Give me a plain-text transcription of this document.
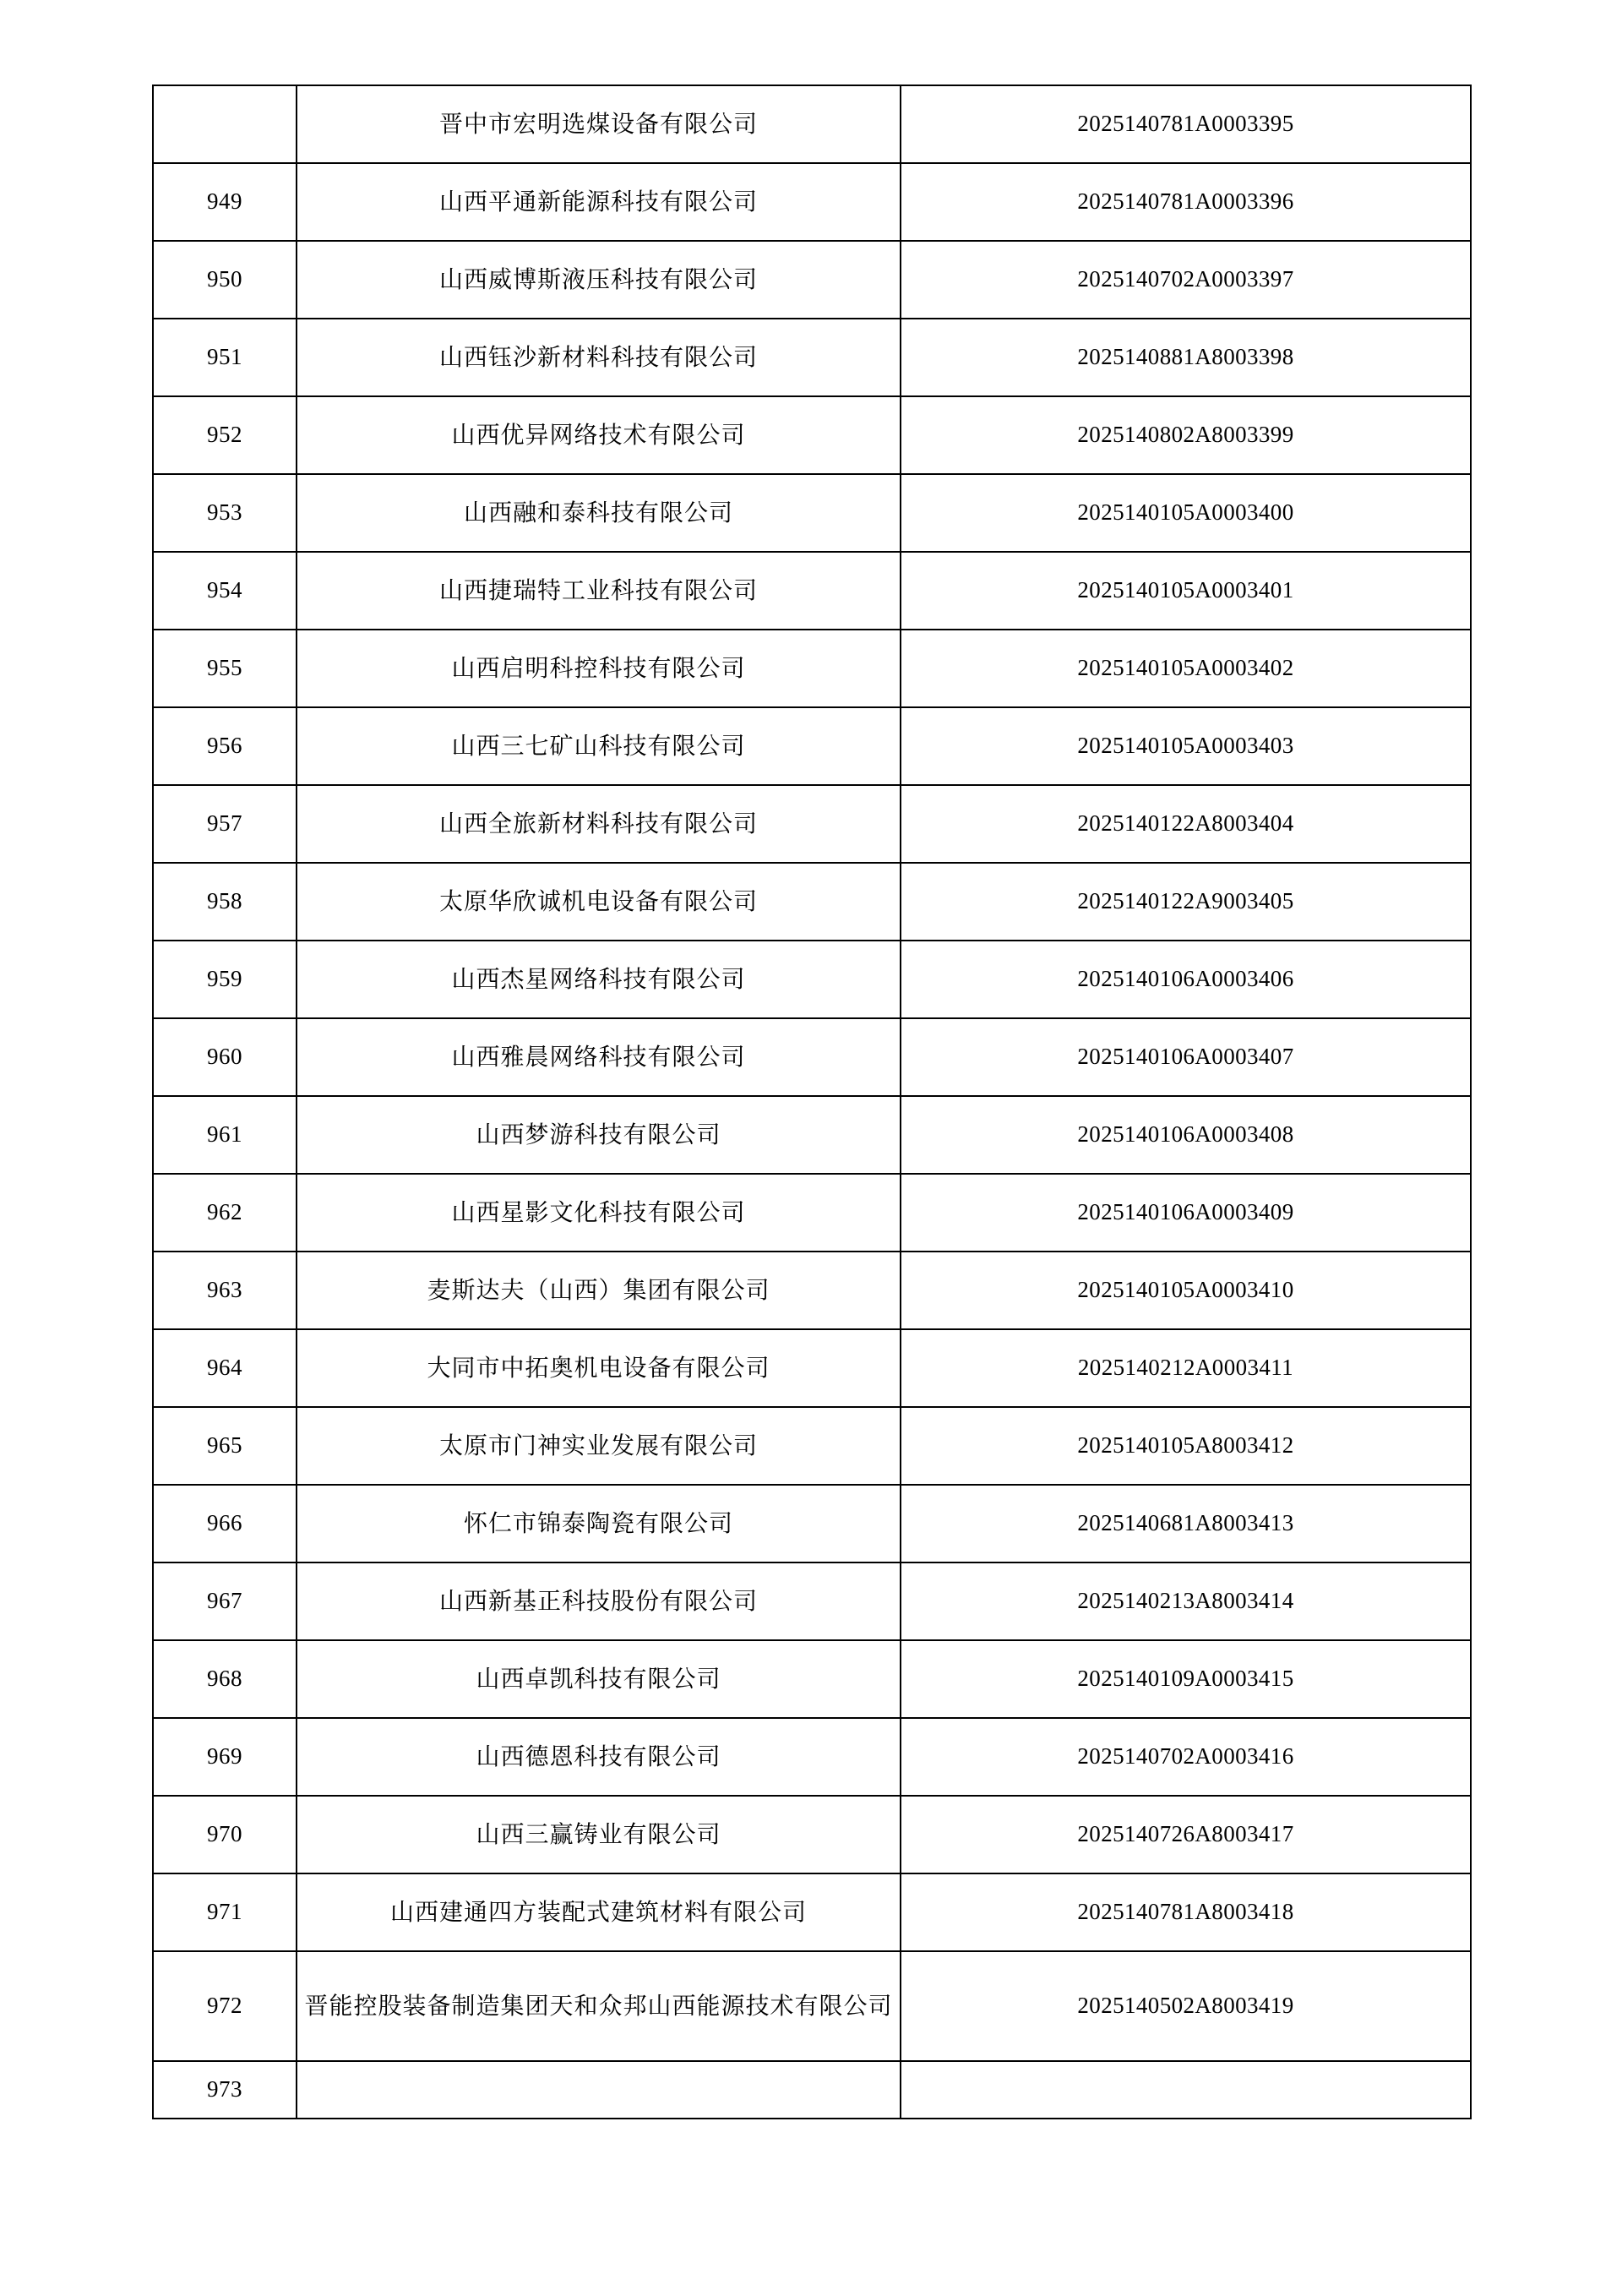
	晋中市宏明选煤设备有限公司	2025140781A0003395
949	山西平通新能源科技有限公司	2025140781A0003396
950	山西威博斯液压科技有限公司	2025140702A0003397
951	山西钰沙新材料科技有限公司	2025140881A8003398
952	山西优异网络技术有限公司	2025140802A8003399
953	山西融和泰科技有限公司	2025140105A0003400
954	山西捷瑞特工业科技有限公司	2025140105A0003401
955	山西启明科控科技有限公司	2025140105A0003402
956	山西三七矿山科技有限公司	2025140105A0003403
957	山西全旅新材料科技有限公司	2025140122A8003404
958	太原华欣诚机电设备有限公司	2025140122A9003405
959	山西杰星网络科技有限公司	2025140106A0003406
960	山西雅晨网络科技有限公司	2025140106A0003407
961	山西梦游科技有限公司	2025140106A0003408
962	山西星影文化科技有限公司	2025140106A0003409
963	麦斯达夫（山西）集团有限公司	2025140105A0003410
964	大同市中拓奥机电设备有限公司	2025140212A0003411
965	太原市门神实业发展有限公司	2025140105A8003412
966	怀仁市锦泰陶瓷有限公司	2025140681A8003413
967	山西新基正科技股份有限公司	2025140213A8003414
968	山西卓凯科技有限公司	2025140109A0003415
969	山西德恩科技有限公司	2025140702A0003416
970	山西三赢铸业有限公司	2025140726A8003417
971	山西建通四方装配式建筑材料有限公司	2025140781A8003418
972	晋能控股装备制造集团天和众邦山西能源技术有限公司	2025140502A8003419
973		
